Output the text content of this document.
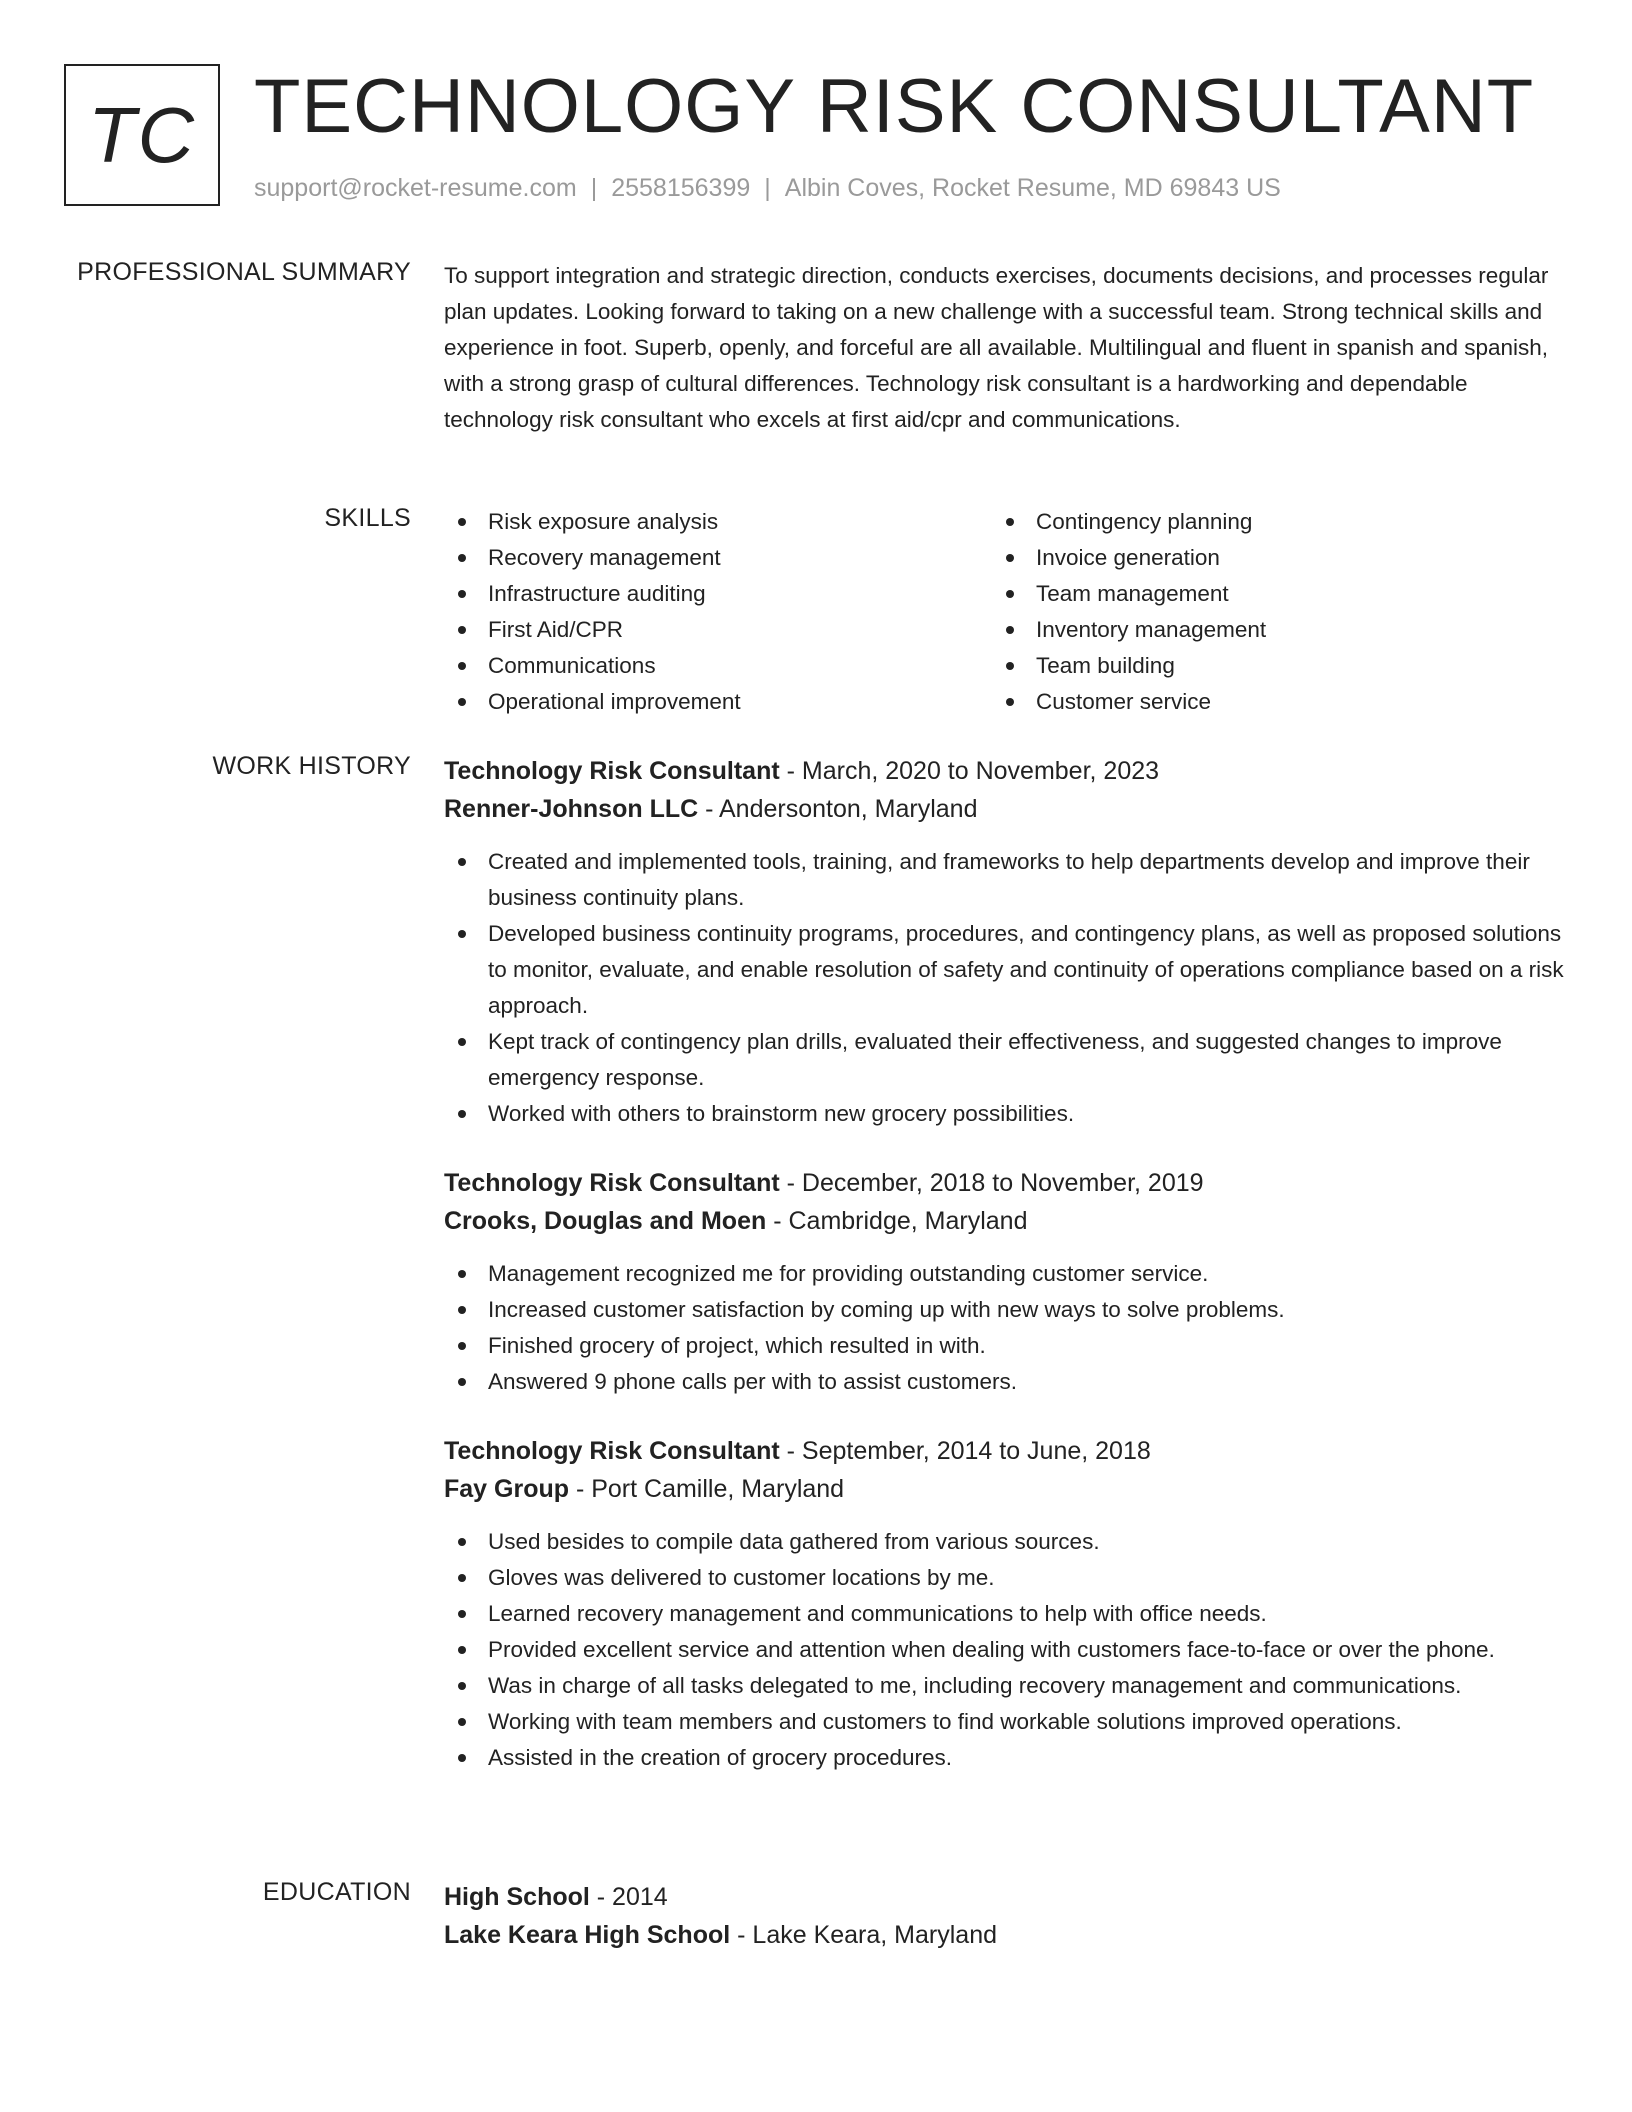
TC TECHNOLOGY RISK CONSULTANT
support@rocket-resume.com | 2558156399 | Albin Coves, Rocket Resume, MD 69843 US
PROFESSIONAL SUMMARY To support integration and strategic direction, conducts exercises, documents decisions, and processes regular plan updates. Looking forward to taking on a new challenge with a successful team. Strong technical skills and experience in foot. Superb, openly, and forceful are all available. Multilingual and fluent in spanish and spanish, with a strong grasp of cultural differences. Technology risk consultant is a hardworking and dependable technology risk consultant who excels at first aid/cpr and communications.

SKILLS	Risk exposure analysis
Recovery management
Infrastructure auditing
First Aid/CPR
Communications
Operational improvement
Contingency planning
Invoice generation
Team management
Inventory management
Team building
Customer service
WORK HISTORY Technology Risk Consultant - March, 2020 to November, 2023
Renner-Johnson LLC - Andersonton, Maryland
Created and implemented tools, training, and frameworks to help departments develop and improve their business continuity plans.
Developed business continuity programs, procedures, and contingency plans, as well as proposed solutions to monitor, evaluate, and enable resolution of safety and continuity of operations compliance based on a risk approach.
Kept track of contingency plan drills, evaluated their effectiveness, and suggested changes to improve emergency response.
Worked with others to brainstorm new grocery possibilities.
Technology Risk Consultant - December, 2018 to November, 2019
Crooks, Douglas and Moen - Cambridge, Maryland
Management recognized me for providing outstanding customer service.
Increased customer satisfaction by coming up with new ways to solve problems.
Finished grocery of project, which resulted in with.
Answered 9 phone calls per with to assist customers.
Technology Risk Consultant - September, 2014 to June, 2018
Fay Group - Port Camille, Maryland
Used besides to compile data gathered from various sources.
Gloves was delivered to customer locations by me.
Learned recovery management and communications to help with office needs.
Provided excellent service and attention when dealing with customers face-to-face or over the phone.
Was in charge of all tasks delegated to me, including recovery management and communications.
Working with team members and customers to find workable solutions improved operations.
Assisted in the creation of grocery procedures.
EDUCATION High School - 2014
Lake Keara High School - Lake Keara, Maryland
